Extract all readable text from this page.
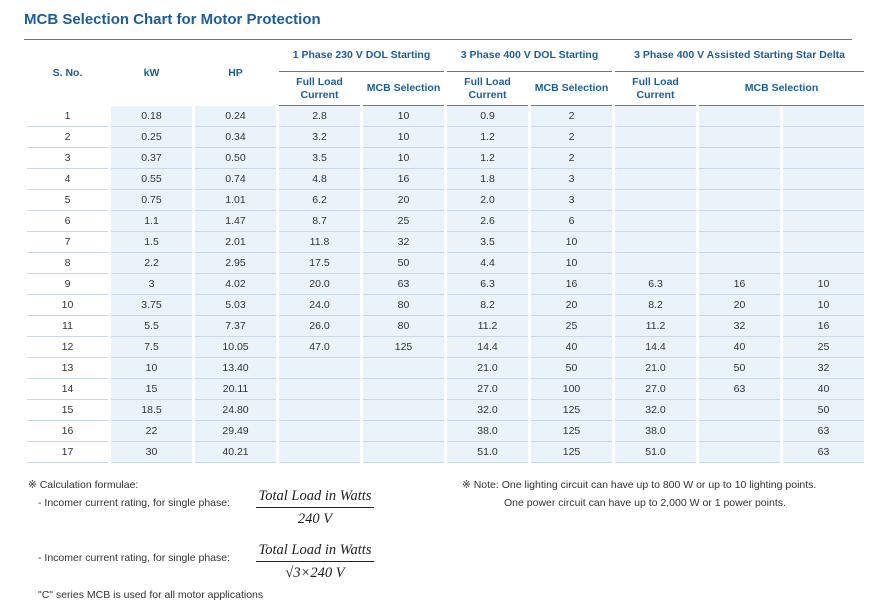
MCB Selection Chart for Motor Protection
S. No.	kW	HP	1 Phase 230 V DOL Starting		3 Phase 400 V DOL Starting		3 Phase 400 V Assisted Starting Star Delta		
			Full Load Current	MCB Selection	Full Load Current	MCB Selection	Full Load Current	MCB Selection	
1	0.18	0.24	2.8	10	0.9	2			
2	0.25	0.34	3.2	10	1.2	2			
3	0.37	0.50	3.5	10	1.2	2			
4	0.55	0.74	4.8	16	1.8	3			
5	0.75	1.01	6.2	20	2.0	3			
6	1.1	1.47	8.7	25	2.6	6			
7	1.5	2.01	11.8	32	3.5	10			
8	2.2	2.95	17.5	50	4.4	10			
9	3	4.02	20.0	63	6.3	16	6.3	16	10
10	3.75	5.03	24.0	80	8.2	20	8.2	20	10
11	5.5	7.37	26.0	80	11.2	25	11.2	32	16
12	7.5	10.05	47.0	125	14.4	40	14.4	40	25
13	10	13.40			21.0	50	21.0	50	32
14	15	20.11			27.0	100	27.0	63	40
15	18.5	24.80			32.0	125	32.0		50
16	22	29.49			38.0	125	38.0		63
17	30	40.21			51.0	125	51.0		63
※ Calculation formulae:
- Incomer current rating, for single phase: Total Load in Watts
240 V
- Incomer current rating, for single phase: Total Load in Watts
√3×240 V
"C" series MCB is used for all motor applications
※ Note: One lighting circuit can have up to 800 W or up to 10 lighting points.
One power circuit can have up to 2,000 W or 1 power points.
